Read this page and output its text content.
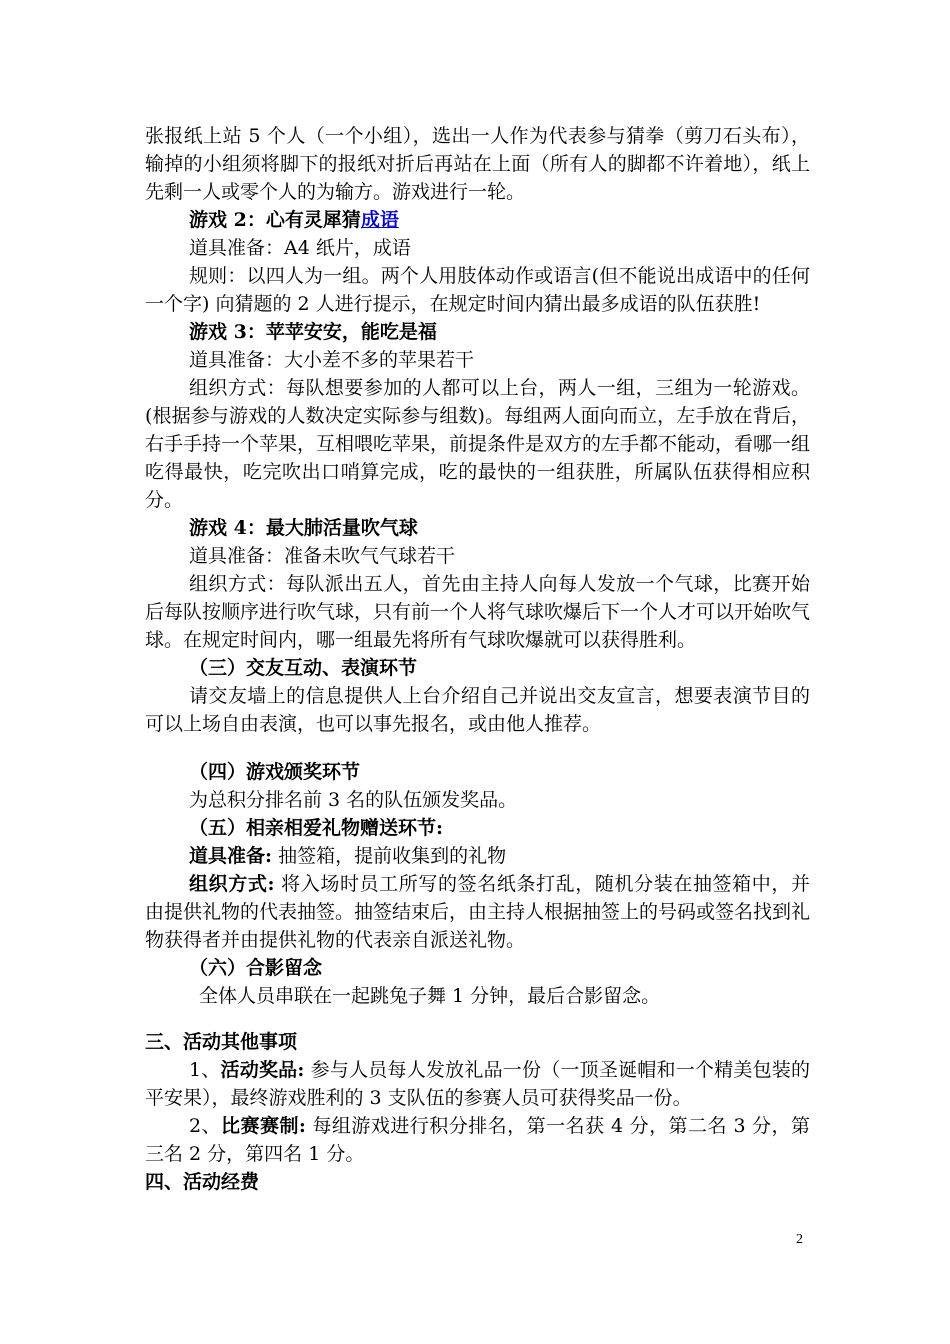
张报纸上站 5 个人（一个小组），选出一人作为代表参与猜拳（剪刀石头布），输掉的小组须将脚下的报纸对折后再站在上面（所有人的脚都不许着地），纸上先剩一人或零个人的为输方。游戏进行一轮。

游戏 2：心有灵犀猜成语

道具准备：A4 纸片，成语

规则：以四人为一组。两个人用肢体动作或语言(但不能说出成语中的任何一个字) 向猜题的 2 人进行提示，在规定时间内猜出最多成语的队伍获胜!

游戏 3：苹苹安安，能吃是福

道具准备：大小差不多的苹果若干

组织方式：每队想要参加的人都可以上台，两人一组，三组为一轮游戏。(根据参与游戏的人数决定实际参与组数)。每组两人面向而立，左手放在背后，右手手持一个苹果，互相喂吃苹果，前提条件是双方的左手都不能动，看哪一组吃得最快，吃完吹出口哨算完成，吃的最快的一组获胜，所属队伍获得相应积分。

游戏 4：最大肺活量吹气球

道具准备：准备未吹气气球若干

组织方式：每队派出五人，首先由主持人向每人发放一个气球，比赛开始后每队按顺序进行吹气球，只有前一个人将气球吹爆后下一个人才可以开始吹气球。在规定时间内，哪一组最先将所有气球吹爆就可以获得胜利。

（三）交友互动、表演环节

请交友墙上的信息提供人上台介绍自己并说出交友宣言，想要表演节目的可以上场自由表演，也可以事先报名，或由他人推荐。

（四）游戏颁奖环节

为总积分排名前 3 名的队伍颁发奖品。

（五）相亲相爱礼物赠送环节:

道具准备: 抽签箱，提前收集到的礼物

组织方式: 将入场时员工所写的签名纸条打乱，随机分装在抽签箱中，并由提供礼物的代表抽签。抽签结束后，由主持人根据抽签上的号码或签名找到礼物获得者并由提供礼物的代表亲自派送礼物。

（六）合影留念

全体人员串联在一起跳兔子舞 1 分钟，最后合影留念。

三、活动其他事项

1、活动奖品: 参与人员每人发放礼品一份（一顶圣诞帽和一个精美包装的平安果），最终游戏胜利的 3 支队伍的参赛人员可获得奖品一份。

2、比赛赛制: 每组游戏进行积分排名，第一名获 4 分，第二名 3 分，第三名 2 分，第四名 1 分。

四、活动经费

2
